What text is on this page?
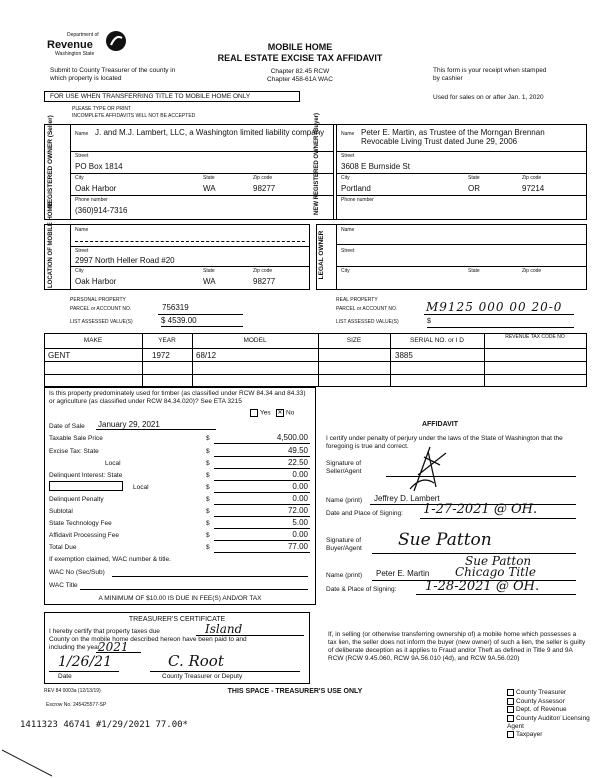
Department of
Revenue
Washington State
Submit to County Treasurer of the county in which property is located
MOBILE HOME
REAL ESTATE EXCISE TAX AFFIDAVIT
Chapter 82.45 RCW
Chapter 458-61A WAC
This form is your receipt when stamped by cashier
FOR USE WHEN TRANSFERRING TITLE TO MOBILE HOME ONLY	Used for sales on or after Jan. 1, 2020
PLEASE TYPE OR PRINT
INCOMPLETE AFFIDAVITS WILL NOT BE ACCEPTED
REGISTERED OWNER (Seller)	Name J. and M.J. Lambert, LLC, a Washington limited liability company
Street
PO Box 1814
City	State	Zip code
Oak Harbor	WA	98277
Phone number
(360)914-7316	NEW REGISTERED OWNER (Buyer)	Name Peter E. Martin, as Trustee of the Morngan Brennan Revocable Living Trust dated June 29, 2006
Street
3608 E Burnside St
City	State	Zip code
Portland	OR	97214
Phone number
LOCATION OF MOBILE HOME	Name
Street
2997 North Heller Road #20
City	State	Zip code
Oak Harbor	WA	98277
LEGAL OWNER
Name
Street
City	State	Zip code
PERSONAL PROPERTY
PARCEL or ACCOUNT NO.	756319
LIST ASSESSED VALUE(S)	$ 4539.00
REAL PROPERTY
PARCEL or ACCOUNT NO. M9125 000 00 20-0
LIST ASSESSED VALUE(S)	$
MAKE	YEAR	MODEL	SIZE	SERIAL NO. or I D	REVENUE TAX CODE NO
GENT	1972	68/12	3885
Is this property predominately used for timber (as classified under RCW 84.34 and 84.33) or agriculture (as classified under RCW 84.34.020)? See ETA 3215
Yes ✕ No
Date of Sale January 29, 2021
Taxable Sale Price	$	4,500.00
Excise Tax: State	$	49.50
Local	$	22.50
Delinquent Interest: State	$	0.00
Local	$	0.00
Delinquent Penalty	$	0.00
Subtotal	$	72.00
State Technology Fee	$	5.00
Affidavit Processing Fee	$	0.00
Total Due	$	77.00
If exemption claimed, WAC number & title.
WAC No (Sec/Sub)
WAC Title
A MINIMUM OF $10.00 IS DUE IN FEE(S) AND/OR TAX
AFFIDAVIT
I certify under penalty of perjury under the laws of the State of Washington that the foregoing is true and correct.
Signature of Seller/Agent
Name (print) Jeffrey D. Lambert
Date and Place of Signing: 1-27-2021 @ OH.
Signature of Buyer/Agent Sue Patton
Sue Patton
Name (print) Peter E. Martin Chicago Title
Date & Place of Signing: 1-28-2021 @ OH.
TREASURER'S CERTIFICATE
I hereby certify that property taxes due	Island
County on the mobile home described hereon have been paid to and including the year
2021
1/26/21
Date
C. Root
County Treasurer or Deputy
If, in selling (or otherwise transferring ownership of) a mobile home which possesses a tax lien, the seller does not inform the buyer (new owner) of such a lien, the seller is guilty of deliberate deception as it applies to Fraud and/or Theft as defined in Title 9 and 9A RCW (RCW 9.45.060, RCW 9A.56.010 (4d), and RCW 9A.56.020)
REV 84 0003a (12/13/19)	THIS SPACE - TREASURER'S USE ONLY
Escrow No. 245425577-SP
1411323 46741 #1/29/2021 77.00*
County Treasurer
County Assessor
Dept. of Revenue
County Auditor/ Licensing Agent
Taxpayer
